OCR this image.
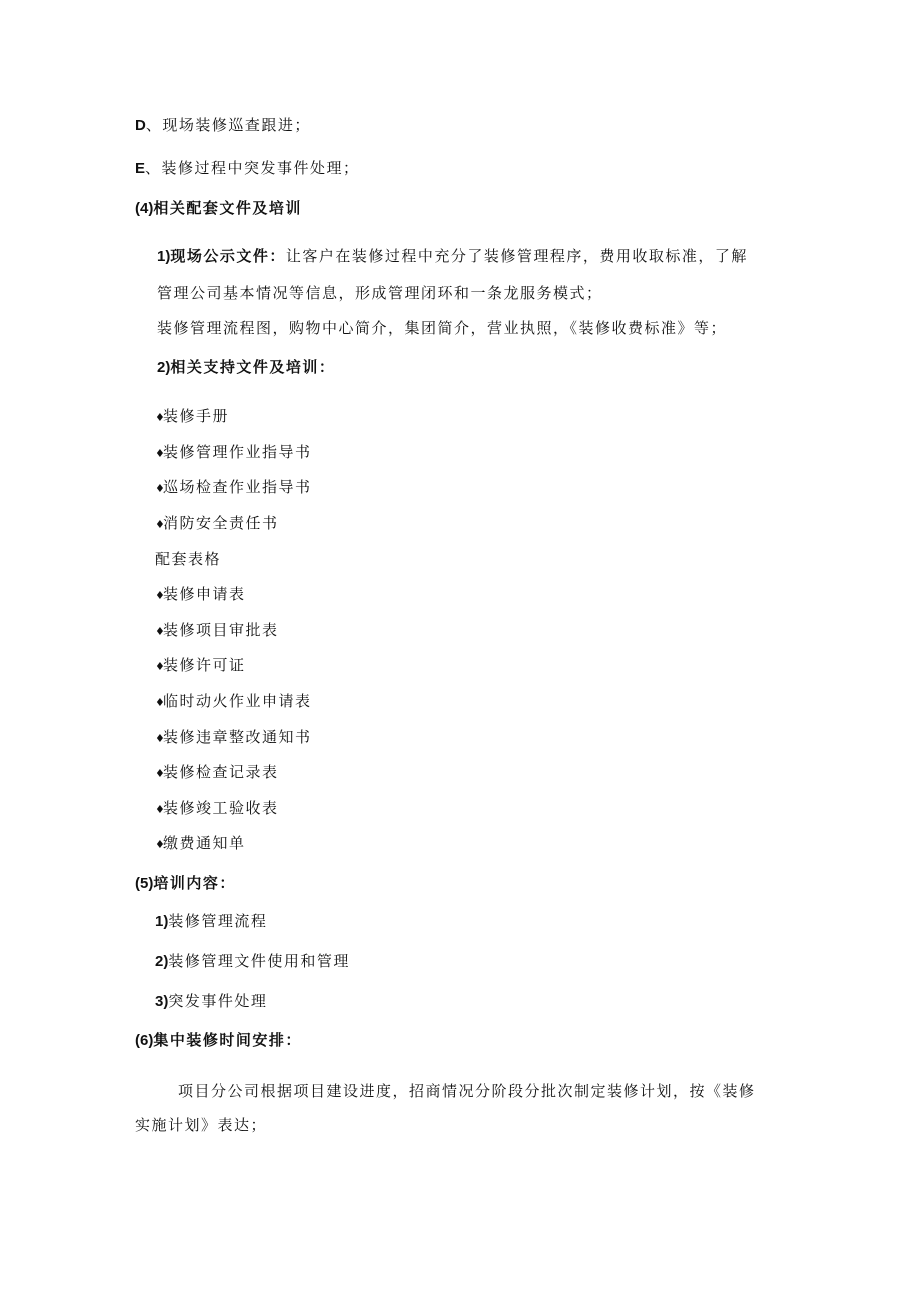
D、现场装修巡查跟进；
E、装修过程中突发事件处理；
(4)相关配套文件及培训
1)现场公示文件：让客户在装修过程中充分了装修管理程序，费用收取标准，了解
管理公司基本情况等信息，形成管理闭环和一条龙服务模式；
装修管理流程图，购物中心简介，集团简介，营业执照，《装修收费标准》等；
2)相关支持文件及培训：
♦装修手册
♦装修管理作业指导书
♦巡场检查作业指导书
♦消防安全责任书
配套表格
♦装修申请表
♦装修项目审批表
♦装修许可证
♦临时动火作业申请表
♦装修违章整改通知书
♦装修检查记录表
♦装修竣工验收表
♦缴费通知单
(5)培训内容：
1)装修管理流程
2)装修管理文件使用和管理
3)突发事件处理
(6)集中装修时间安排：
项目分公司根据项目建设进度，招商情况分阶段分批次制定装修计划，按《装修
实施计划》表达；
